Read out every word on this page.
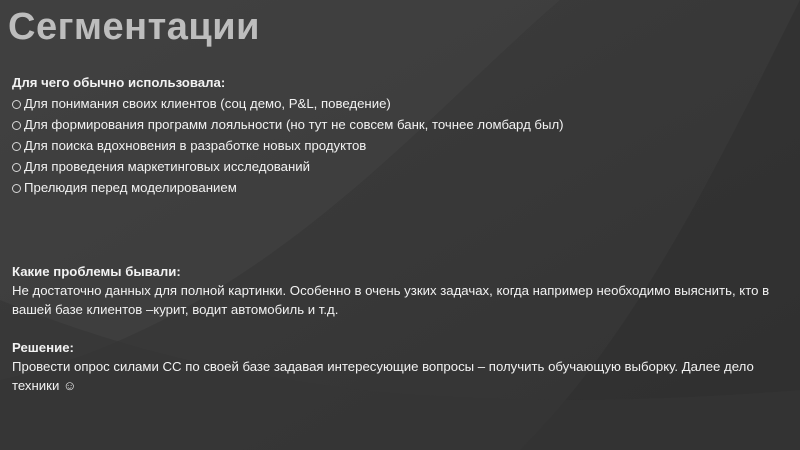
Сегментации
Для чего обычно использовала:
Для понимания своих клиентов (соц демо, P&L, поведение)
Для формирования программ лояльности (но тут не совсем банк, точнее ломбард был)
Для поиска вдохновения в разработке новых продуктов
Для проведения маркетинговых исследований
Прелюдия перед моделированием
Какие проблемы бывали:
Не достаточно данных для полной картинки. Особенно в очень узких задачах, когда например необходимо выяснить, кто в вашей базе клиентов –курит, водит автомобиль и т.д.
Решение:
Провести опрос силами СС по своей базе задавая интересующие вопросы – получить обучающую выборку. Далее дело техники ☺
